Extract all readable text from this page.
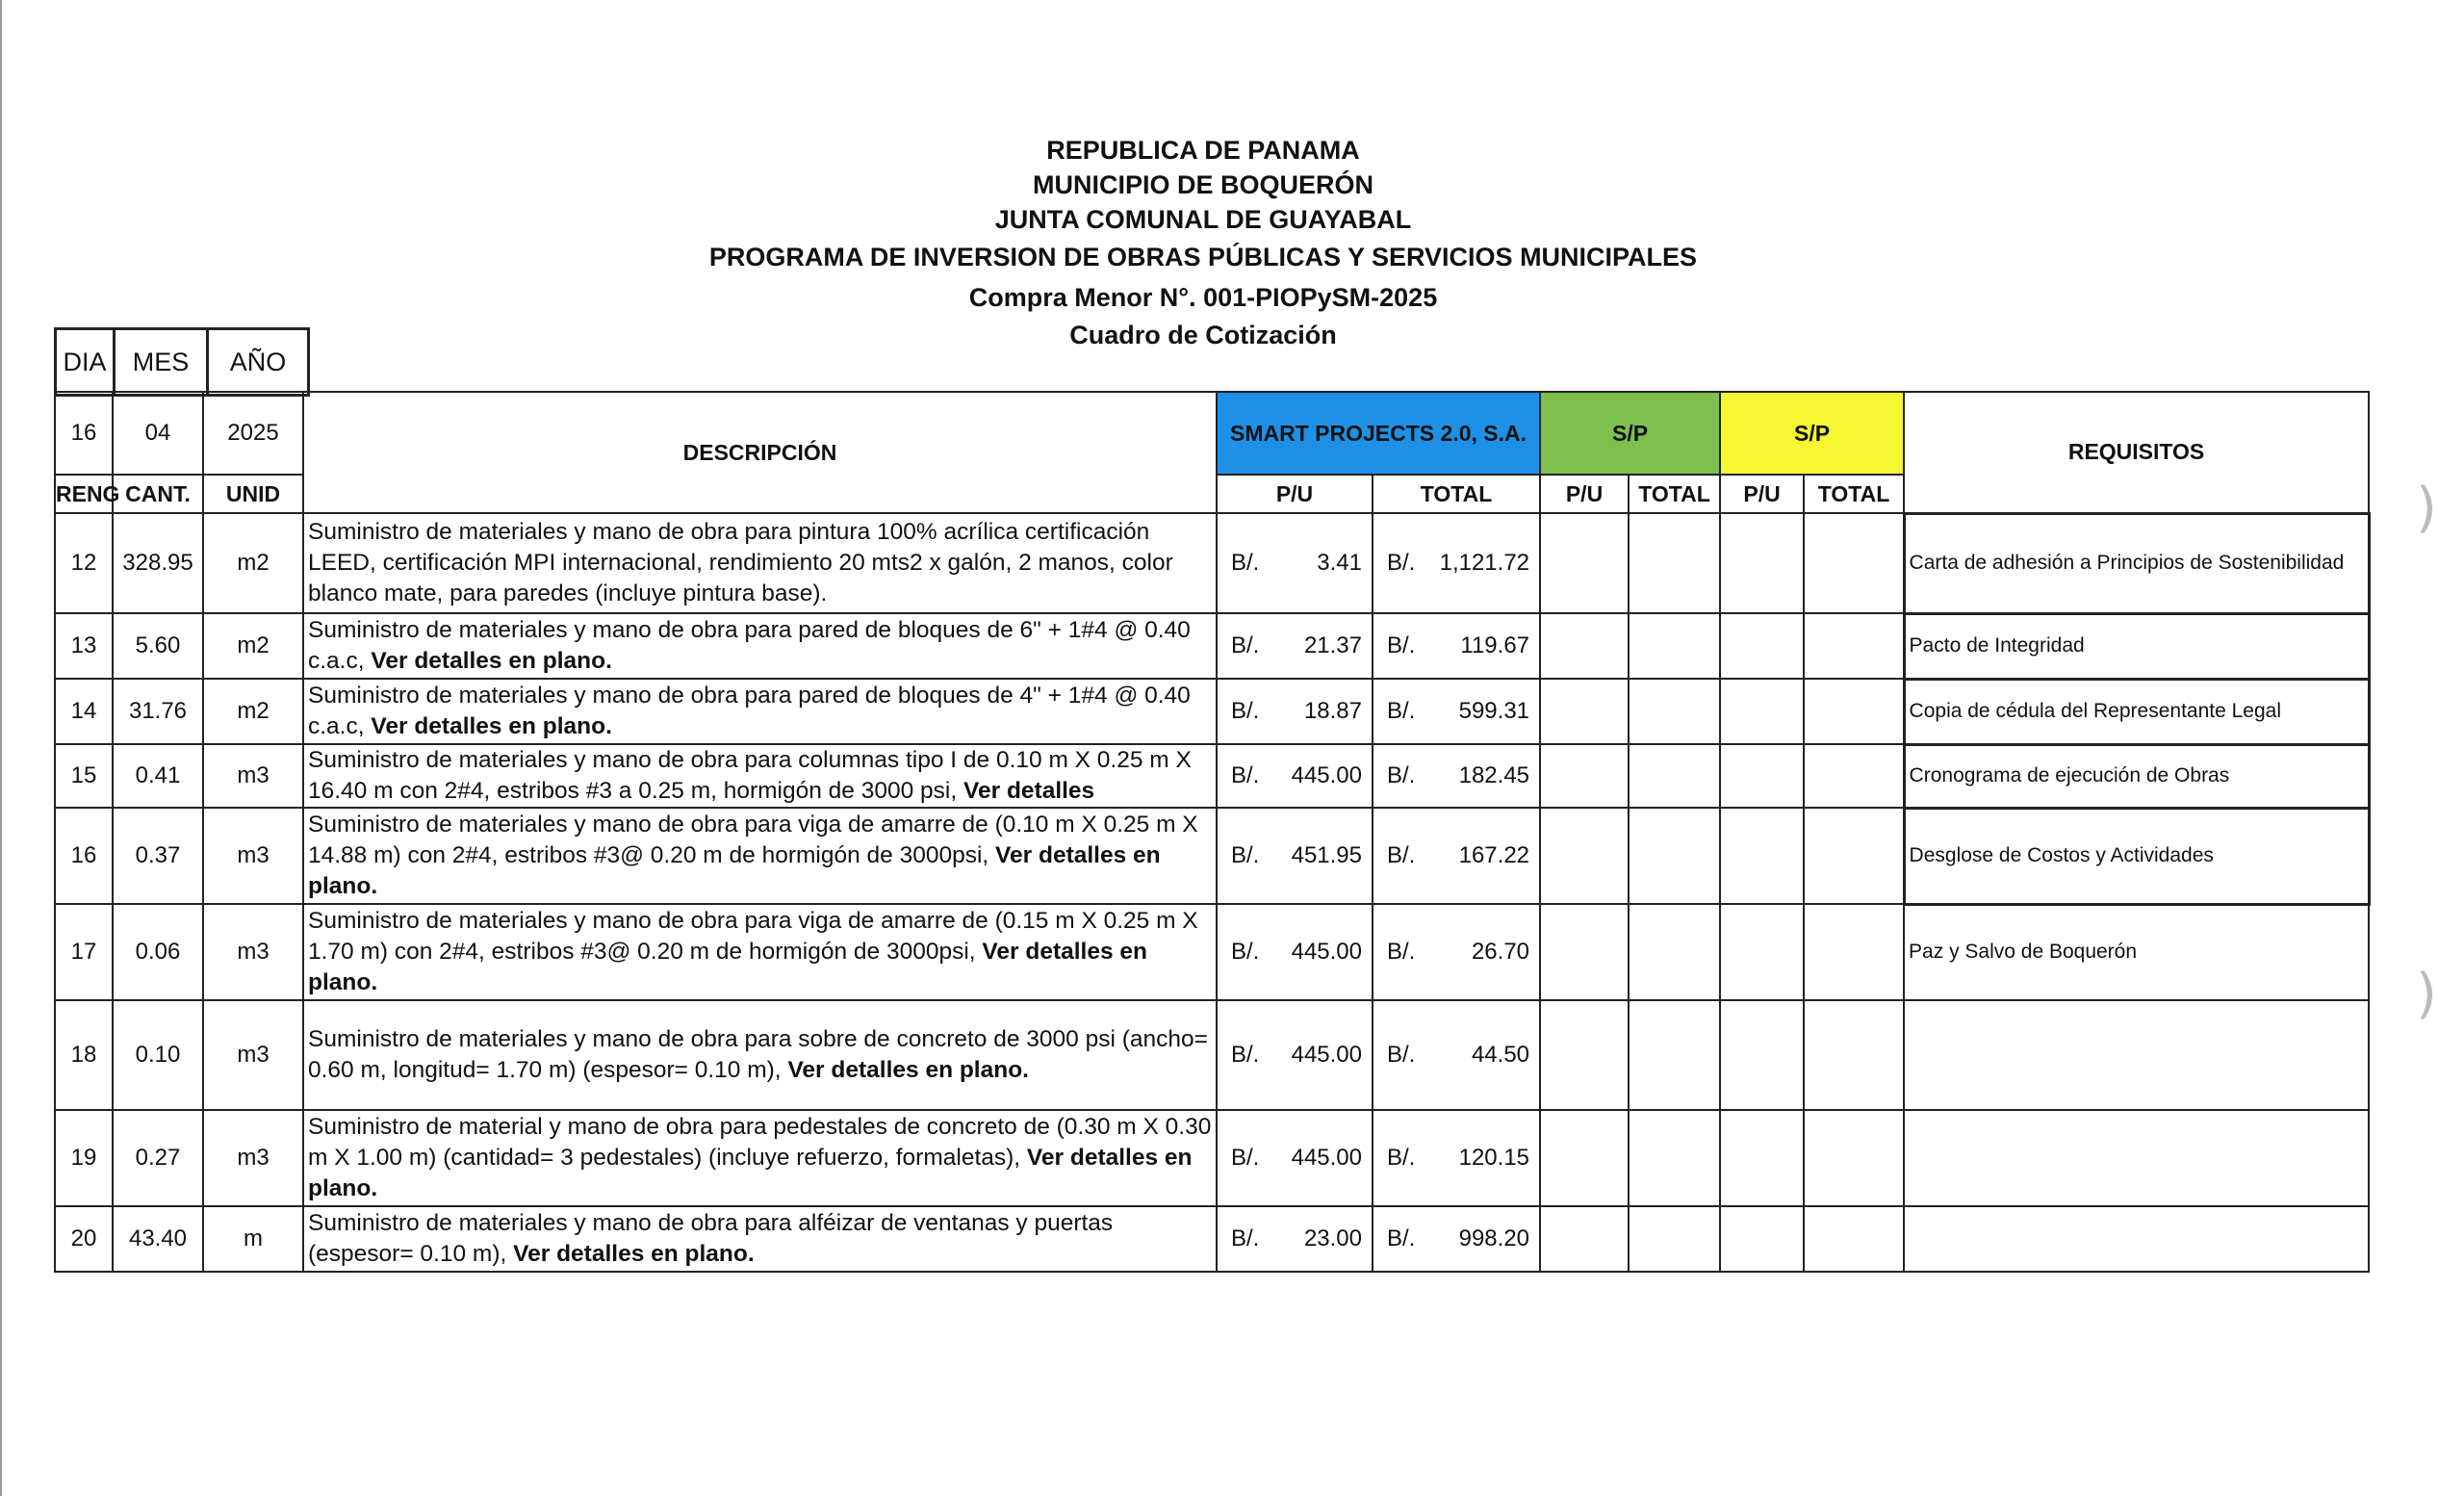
)
)
REPUBLICA DE PANAMA
MUNICIPIO DE BOQUERÓN
JUNTA COMUNAL DE GUAYABAL
PROGRAMA DE INVERSION DE OBRAS PÚBLICAS Y SERVICIOS MUNICIPALES
Compra Menor N°. 001-PIOPySM-2025
Cuadro de Cotización
DIA	MES	AÑO
16	04	2025	DESCRIPCIÓN	SMART PROJECTS 2.0, S.A.		S/P		S/P		REQUISITOS
RENG	CANT.	UNID		P/U	TOTAL	P/U	TOTAL	P/U	TOTAL	
12	328.95	m2	Suministro de materiales y mano de obra para pintura 100% acrílica certificación LEED, certificación MPI internacional, rendimiento 20 mts2 x galón, 2 manos, color blanco mate, para paredes (incluye pintura base).	B/. 3.41	B/. 1,121.72					Carta de adhesión a Principios de Sostenibilidad
13	5.60	m2	Suministro de materiales y mano de obra para pared de bloques de 6" + 1#4 @ 0.40 c.a.c, Ver detalles en plano.	B/. 21.37	B/. 119.67					Pacto de Integridad
14	31.76	m2	Suministro de materiales y mano de obra para pared de bloques de 4" + 1#4 @ 0.40 c.a.c, Ver detalles en plano.	B/. 18.87	B/. 599.31					Copia de cédula del Representante Legal
15	0.41	m3	Suministro de materiales y mano de obra para columnas tipo I de 0.10 m X 0.25 m X 16.40 m con 2#4, estribos #3 a 0.25 m, hormigón de 3000 psi, Ver detalles	B/. 445.00	B/. 182.45					Cronograma de ejecución de Obras
16	0.37	m3	Suministro de materiales y mano de obra para viga de amarre de (0.10 m X 0.25 m X 14.88 m) con 2#4, estribos #3@ 0.20 m de hormigón de 3000psi, Ver detalles en plano.	B/. 451.95	B/. 167.22					Desglose de Costos y Actividades
17	0.06	m3	Suministro de materiales y mano de obra para viga de amarre de (0.15 m X 0.25 m X 1.70 m) con 2#4, estribos #3@ 0.20 m de hormigón de 3000psi, Ver detalles en plano.	B/. 445.00	B/. 26.70					Paz y Salvo de Boquerón
18	0.10	m3	Suministro de materiales y mano de obra para sobre de concreto de 3000 psi (ancho= 0.60 m, longitud= 1.70 m) (espesor= 0.10 m), Ver detalles en plano.	B/. 445.00	B/. 44.50					

19	0.27	m3	Suministro de material y mano de obra para pedestales de concreto de (0.30 m X 0.30 m X 1.00 m) (cantidad= 3 pedestales) (incluye refuerzo, formaletas), Ver detalles en plano.	B/. 445.00	B/. 120.15					

20	43.40	m	Suministro de materiales y mano de obra para alféizar de ventanas y puertas (espesor= 0.10 m), Ver detalles en plano.	B/. 23.00	B/. 998.20					
